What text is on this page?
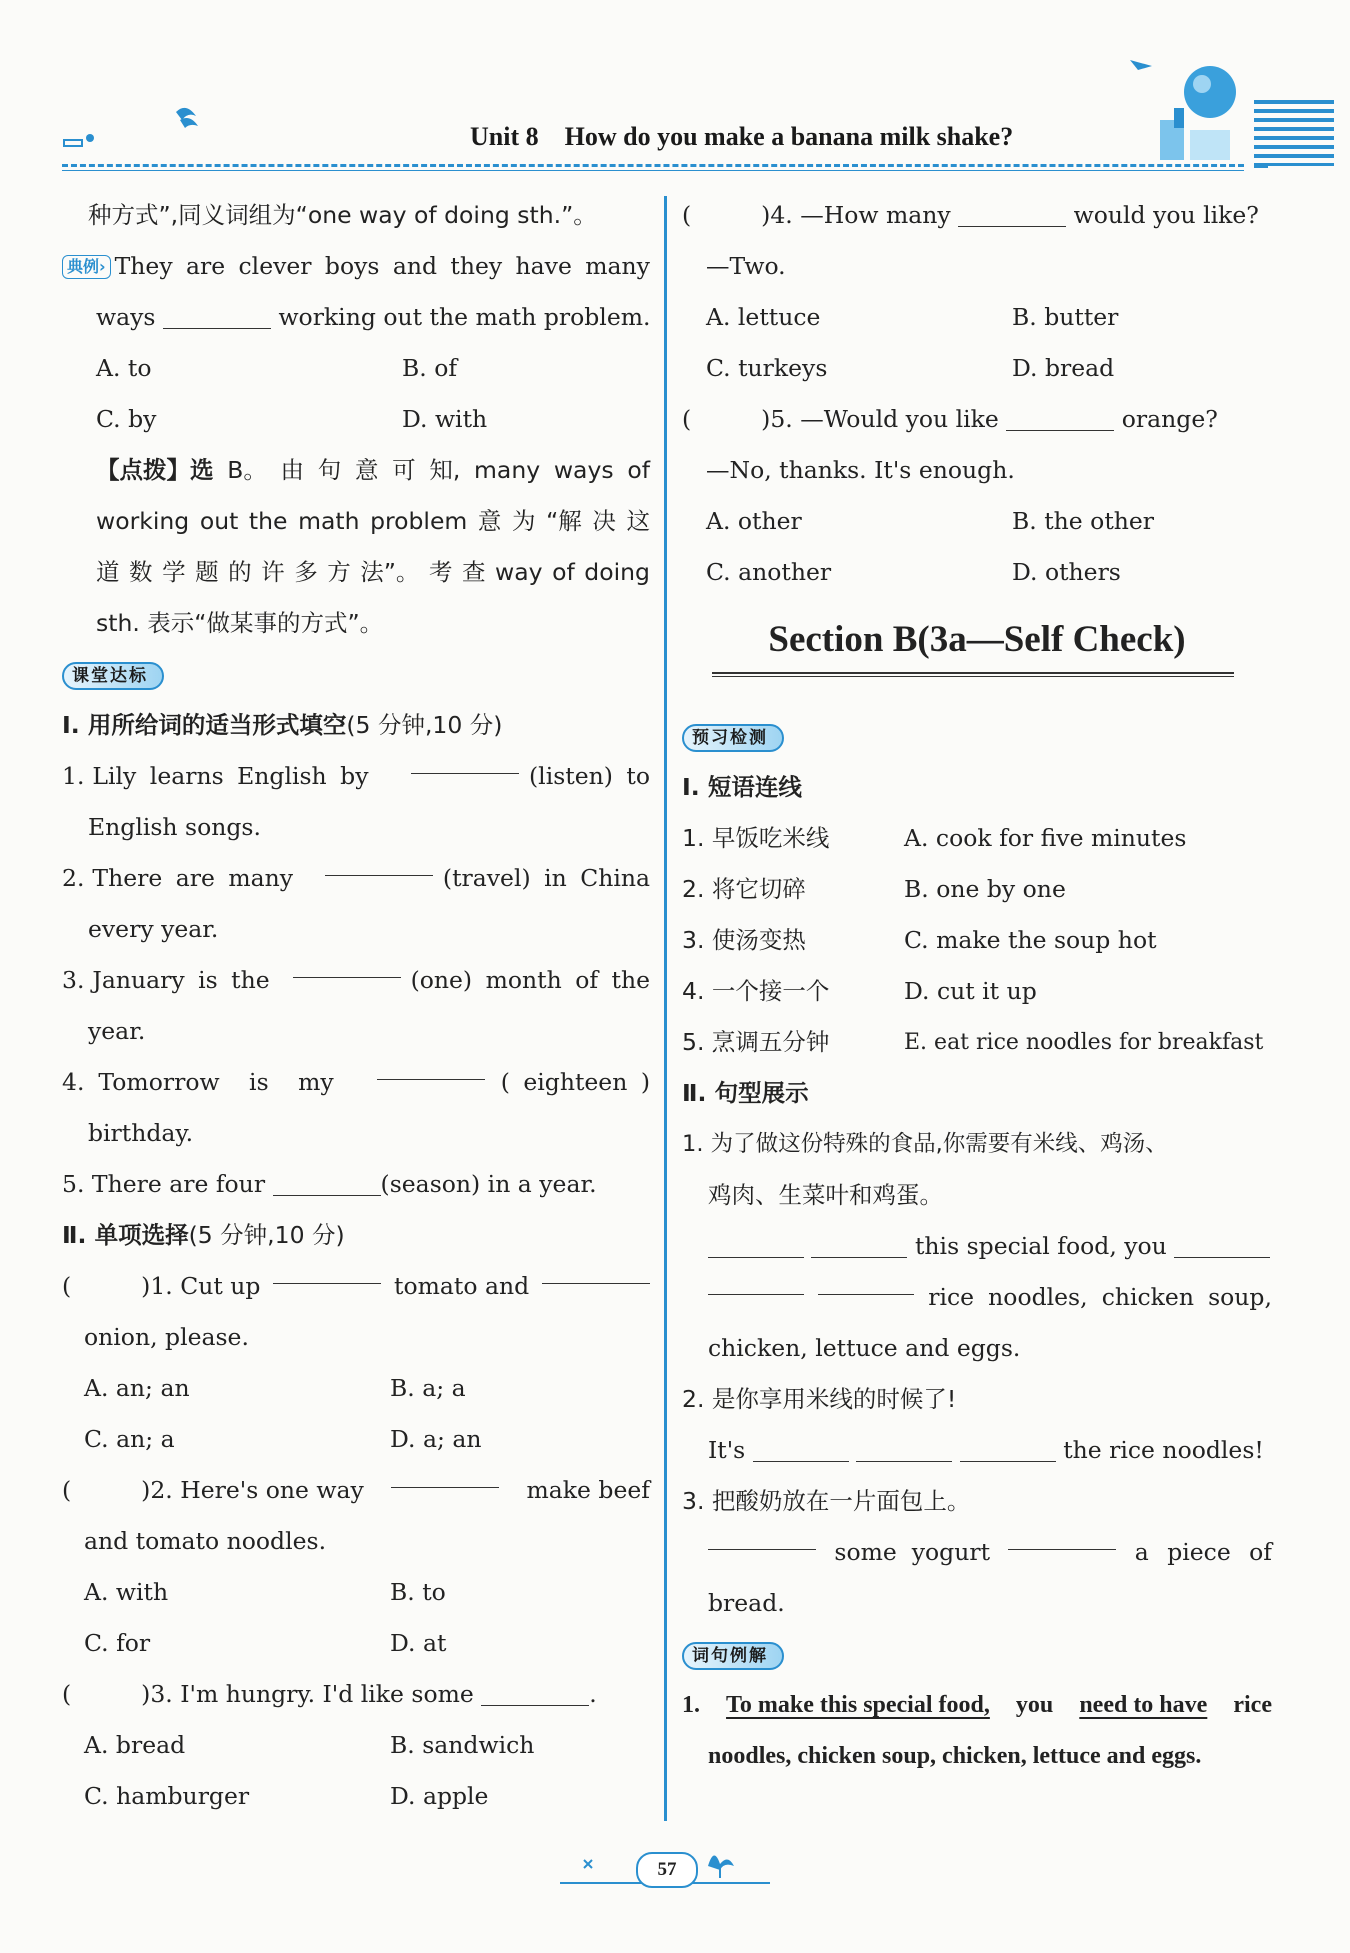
Unit 8 How do you make a banana milk shake?
种方式”,同义词组为“one way of doing sth.”。
典例 › They are clever boys and they have many
ways	working out the math problem.
A. to	B. of
C. by	D. with
【点拨】选 B。 由 句 意 可 知, many ways of
working out the math problem 意 为 “解 决 这
道 数 学 题 的 许 多 方 法”。 考 查 way of doing
sth. 表示“做某事的方式”。
课堂达标
Ⅰ. 用所给词的适当形式填空(5 分钟,10 分)
1. Lily learns English by	(listen) to
English songs.
2. There are many	(travel) in China
every year.
3. January is the	(one) month of the
year.
4. Tomorrow is my	( eighteen )
birthday.
5. There are four	(season) in a year.
Ⅱ. 单项选择(5 分钟,10 分)
(	)1. Cut up	tomato and
onion, please.
A. an; an	B. a; a
C. an; a	D. a; an
(	)2. Here's one way	make beef
and tomato noodles.
A. with	B. to
C. for	D. at
(	)3. I'm hungry. I'd like some	.
A. bread	B. sandwich
C. hamburger	D. apple
(	)4. —How many	would you like?
—Two.
A. lettuce	B. butter
C. turkeys	D. bread
(	)5. —Would you like	orange?
—No, thanks. It's enough.
A. other	B. the other
C. another	D. others
Section B(3a—Self Check)
预习检测
Ⅰ. 短语连线
1. 早饭吃米线	A. cook for five minutes
2. 将它切碎	B. one by one
3. 使汤变热	C. make the soup hot
4. 一个接一个	D. cut it up
5. 烹调五分钟	E. eat rice noodles for breakfast
Ⅱ. 句型展示
1. 为了做这份特殊的食品,你需要有米线、鸡汤、
鸡肉、生菜叶和鸡蛋。
this special food, you
rice noodles, chicken soup,
chicken, lettuce and eggs.
2. 是你享用米线的时候了!
It's	the rice noodles!
3. 把酸奶放在一片面包上。
some  yogurt	a piece of
bread.
词句例解
1. To make this special food, you need to have rice
noodles, chicken soup, chicken, lettuce and eggs.
57
